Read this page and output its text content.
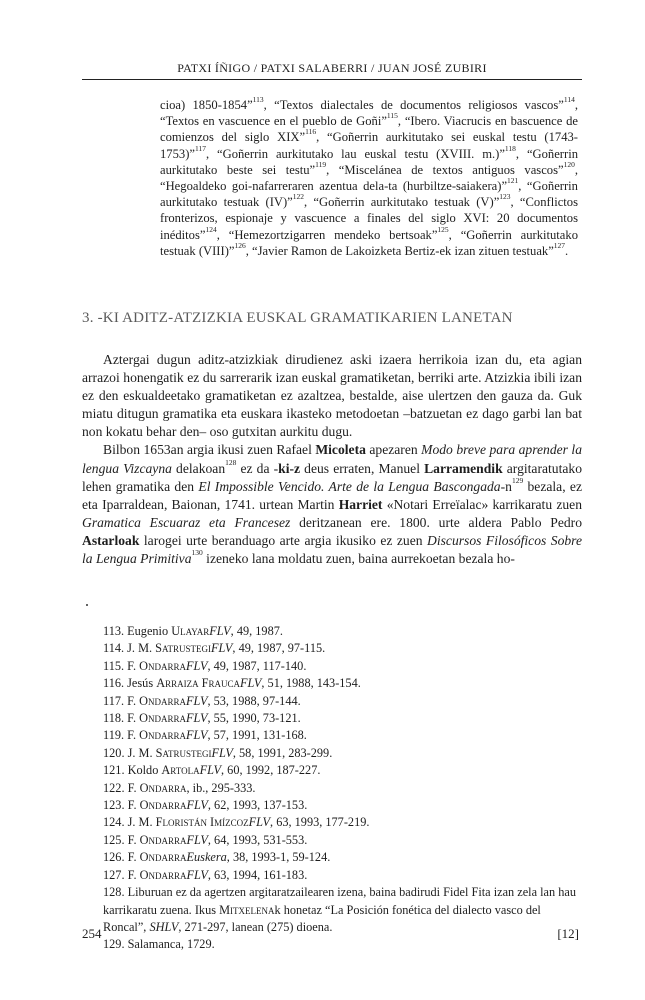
PATXI ÍÑIGO / PATXI SALABERRI / JUAN JOSÉ ZUBIRI
cioa) 1850-1854”$^{113}$, “Textos dialectales de documentos religiosos vascos”$^{114}$, “Textos en vascuence en el pueblo de Goñi”$^{115}$, “Ibero. Viacrucis en bascuence de comienzos del siglo XIX”$^{116}$, “Goñerrin aurkitutako sei euskal testu (1743-1753)”$^{117}$, “Goñerrin aurkitutako lau euskal testu (XVIII. m.)”$^{118}$, “Goñerrin aurkitutako beste sei testu”$^{119}$, “Miscelánea de textos antiguos vascos”$^{120}$, “Hegoaldeko goi-nafarreraren azentua dela-ta (hurbiltze-saiakera)”$^{121}$, “Goñerrin aurkitutako testuak (IV)”$^{122}$, “Goñerrin aurkitutako testuak (V)”$^{123}$, “Conflictos fronterizos, espionaje y vascuence a finales del siglo XVI: 20 documentos inéditos”$^{124}$, “Hemezortzigarren mendeko bertsoak”$^{125}$, “Goñerrin aurkitutako testuak (VIII)”$^{126}$, “Javier Ramon de Lakoizketa Bertiz-ek izan zituen testuak”$^{127}$.
3. -KI ADITZ-ATZIZKIA EUSKAL GRAMATIKARIEN LANETAN

Aztergai dugun aditz-atzizkiak dirudienez aski izaera herrikoia izan du, eta agian arrazoi honengatik ez du sarrerarik izan euskal gramatiketan, berriki arte. Atzizkia ibili izan ez den eskualdeetako gramatiketan ez azaltzea, bestalde, aise ulertzen den gauza da. Guk miatu ditugun gramatika eta euskara ikasteko metodoetan –batzuetan ez dago garbi lan bat non kokatu behar den– oso gutxitan aurkitu dugu.

Bilbon 1653an argia ikusi zuen Rafael Micoleta apezaren Modo breve para aprender la lengua Vizcayna delakoan$^{128}$ ez da -ki-z deus erraten, Manuel Larramendik argitaratutako lehen gramatika den El Impossible Vencido. Arte de la Lengua Bascongada-$n^{129}$ bezala, ez eta Iparraldean, Baionan, 1741. urtean Martin Harriet «Notari Erreïalac» karrikaratu zuen Gramatica Escuaraz eta Francesez deritzanean ere. 1800. urte aldera Pablo Pedro Astarloak larogei urte beranduago arte argia ikusiko ez zuen Discursos Filosóficos Sobre la Lengua Primitiva$^{130}$ izeneko lana moldatu zuen, baina aurrekoetan bezala ho-

113. Eugenio UlayarFLV, 49, 1987.

114. J. M. SatrustegiFLV, 49, 1987, 97-115.

115. F. OndarraFLV, 49, 1987, 117-140.

116. Jesús Arraiza FraucaFLV, 51, 1988, 143-154.

117. F. OndarraFLV, 53, 1988, 97-144.

118. F. OndarraFLV, 55, 1990, 73-121.

119. F. OndarraFLV, 57, 1991, 131-168.

120. J. M. SatrustegiFLV, 58, 1991, 283-299.

121. Koldo ArtolaFLV, 60, 1992, 187-227.

122. F. Ondarra, ib., 295-333.

123. F. OndarraFLV, 62, 1993, 137-153.

124. J. M. Floristán ImízcozFLV, 63, 1993, 177-219.

125. F. OndarraFLV, 64, 1993, 531-553.

126. F. OndarraEuskera, 38, 1993-1, 59-124.

127. F. OndarraFLV, 63, 1994, 161-183.

128. Liburuan ez da agertzen argitaratzailearen izena, baina badirudi Fidel Fita izan zela lan hau karrikaratu zuena. Ikus Mitxelenak honetaz “La Posición fonética del dialecto vasco del Roncal”, SHLV, 271-297, lanean (275) dioena.

129. Salamanca, 1729.

254	[12]
